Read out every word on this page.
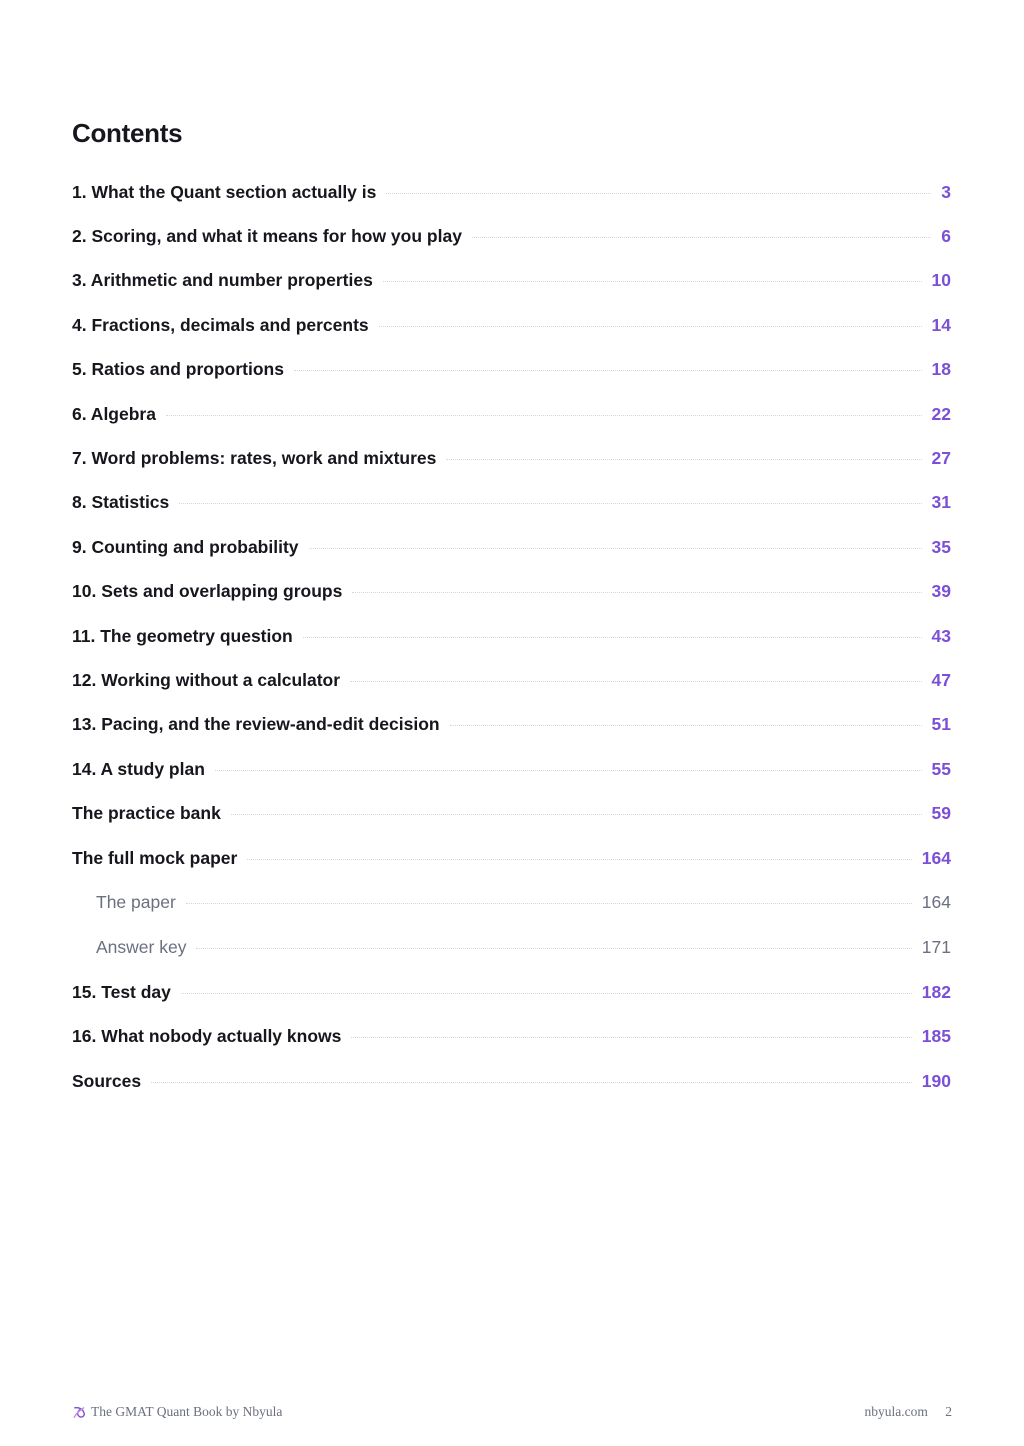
Contents
1. What the Quant section actually is	3
2. Scoring, and what it means for how you play	6
3. Arithmetic and number properties	10
4. Fractions, decimals and percents	14
5. Ratios and proportions	18
6. Algebra	22
7. Word problems: rates, work and mixtures	27
8. Statistics	31
9. Counting and probability	35
10. Sets and overlapping groups	39
11. The geometry question	43
12. Working without a calculator	47
13. Pacing, and the review-and-edit decision	51
14. A study plan	55
The practice bank	59
The full mock paper	164
The paper	164
Answer key	171
15. Test day	182
16. What nobody actually knows	185
Sources	190
The GMAT Quant Book by Nbyula	nbyula.com 2
